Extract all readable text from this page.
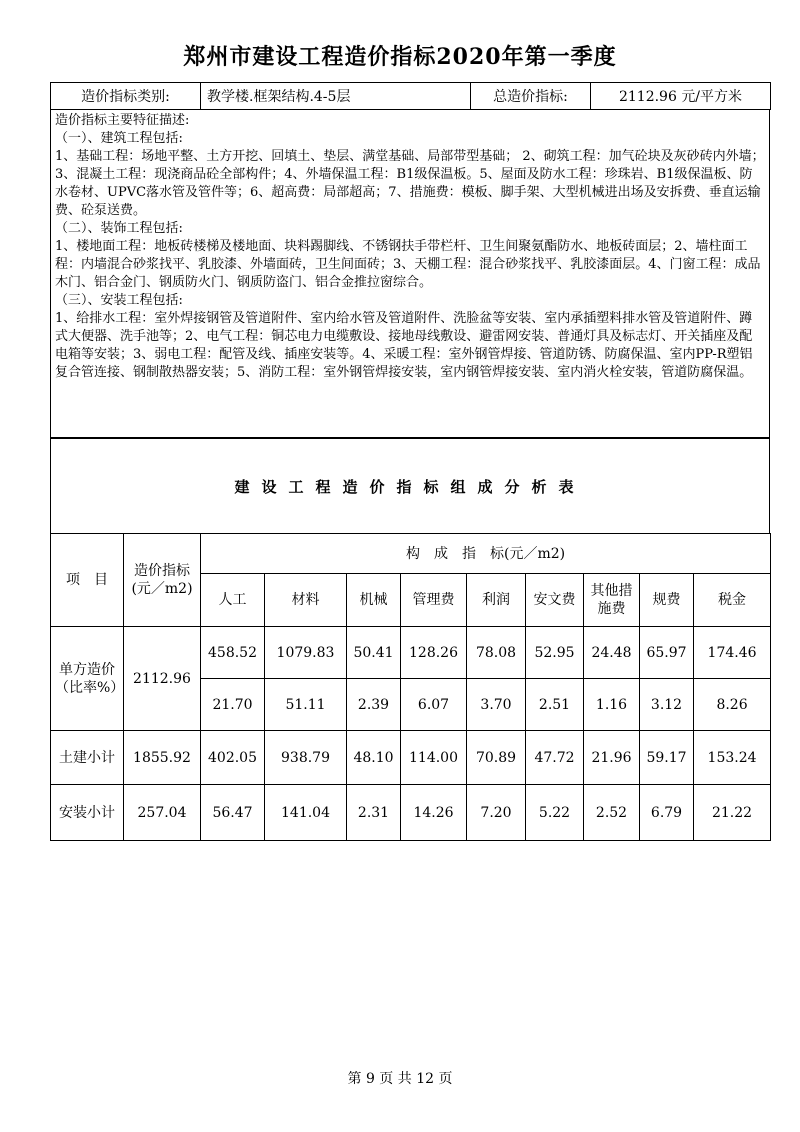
郑州市建设工程造价指标2020年第一季度
造价指标类别:	教学楼.框架结构.4-5层	总造价指标:	2112.96 元/平方米

造价指标主要特征描述:

（一）、建筑工程包括:

1、基础工程：场地平整、土方开挖、回填土、垫层、满堂基础、局部带型基础； 2、砌筑工程：加气砼块及灰砂砖内外墙；3、混凝土工程：现浇商品砼全部构件；4、外墙保温工程：B1级保温板。5、屋面及防水工程：珍珠岩、B1级保温板、防水卷材、UPVC落水管及管件等；6、超高费：局部超高；7、措施费：模板、脚手架、大型机械进出场及安拆费、垂直运输费、砼泵送费。

（二）、装饰工程包括:

1、楼地面工程：地板砖楼梯及楼地面、块料踢脚线、不锈钢扶手带栏杆、卫生间聚氨酯防水、地板砖面层；2、墙柱面工程：内墙混合砂浆找平、乳胶漆、外墙面砖，卫生间面砖；3、天棚工程：混合砂浆找平、乳胶漆面层。4、门窗工程：成品木门、铝合金门、钢质防火门、钢质防盗门、铝合金推拉窗综合。

（三）、安装工程包括:

1、给排水工程：室外焊接钢管及管道附件、室内给水管及管道附件、洗脸盆等安装、室内承插塑料排水管及管道附件、蹲式大便器、洗手池等；2、电气工程：铜芯电力电缆敷设、接地母线敷设、避雷网安装、普通灯具及标志灯、开关插座及配电箱等安装；3、弱电工程：配管及线、插座安装等。4、采暖工程：室外钢管焊接、管道防锈、防腐保温、室内PP-R塑铝复合管连接、钢制散热器安装；5、消防工程：室外钢管焊接安装，室内钢管焊接安装、室内消火栓安装，管道防腐保温。

建设工程造价指标组成分析表
项　目	造价指标
(元／m2)	构　成　指　标(元／m2)								
		人工	材料	机械	管理费	利润	安文费	其他措施费	规费	税金
单方造价（比率%）	2112.96	458.52	1079.83	50.41	128.26	78.08	52.95	24.48	65.97	174.46
		21.70	51.11	2.39	6.07	3.70	2.51	1.16	3.12	8.26
土建小计	1855.92	402.05	938.79	48.10	114.00	70.89	47.72	21.96	59.17	153.24
安装小计	257.04	56.47	141.04	2.31	14.26	7.20	5.22	2.52	6.79	21.22
第 9 页 共 12 页
